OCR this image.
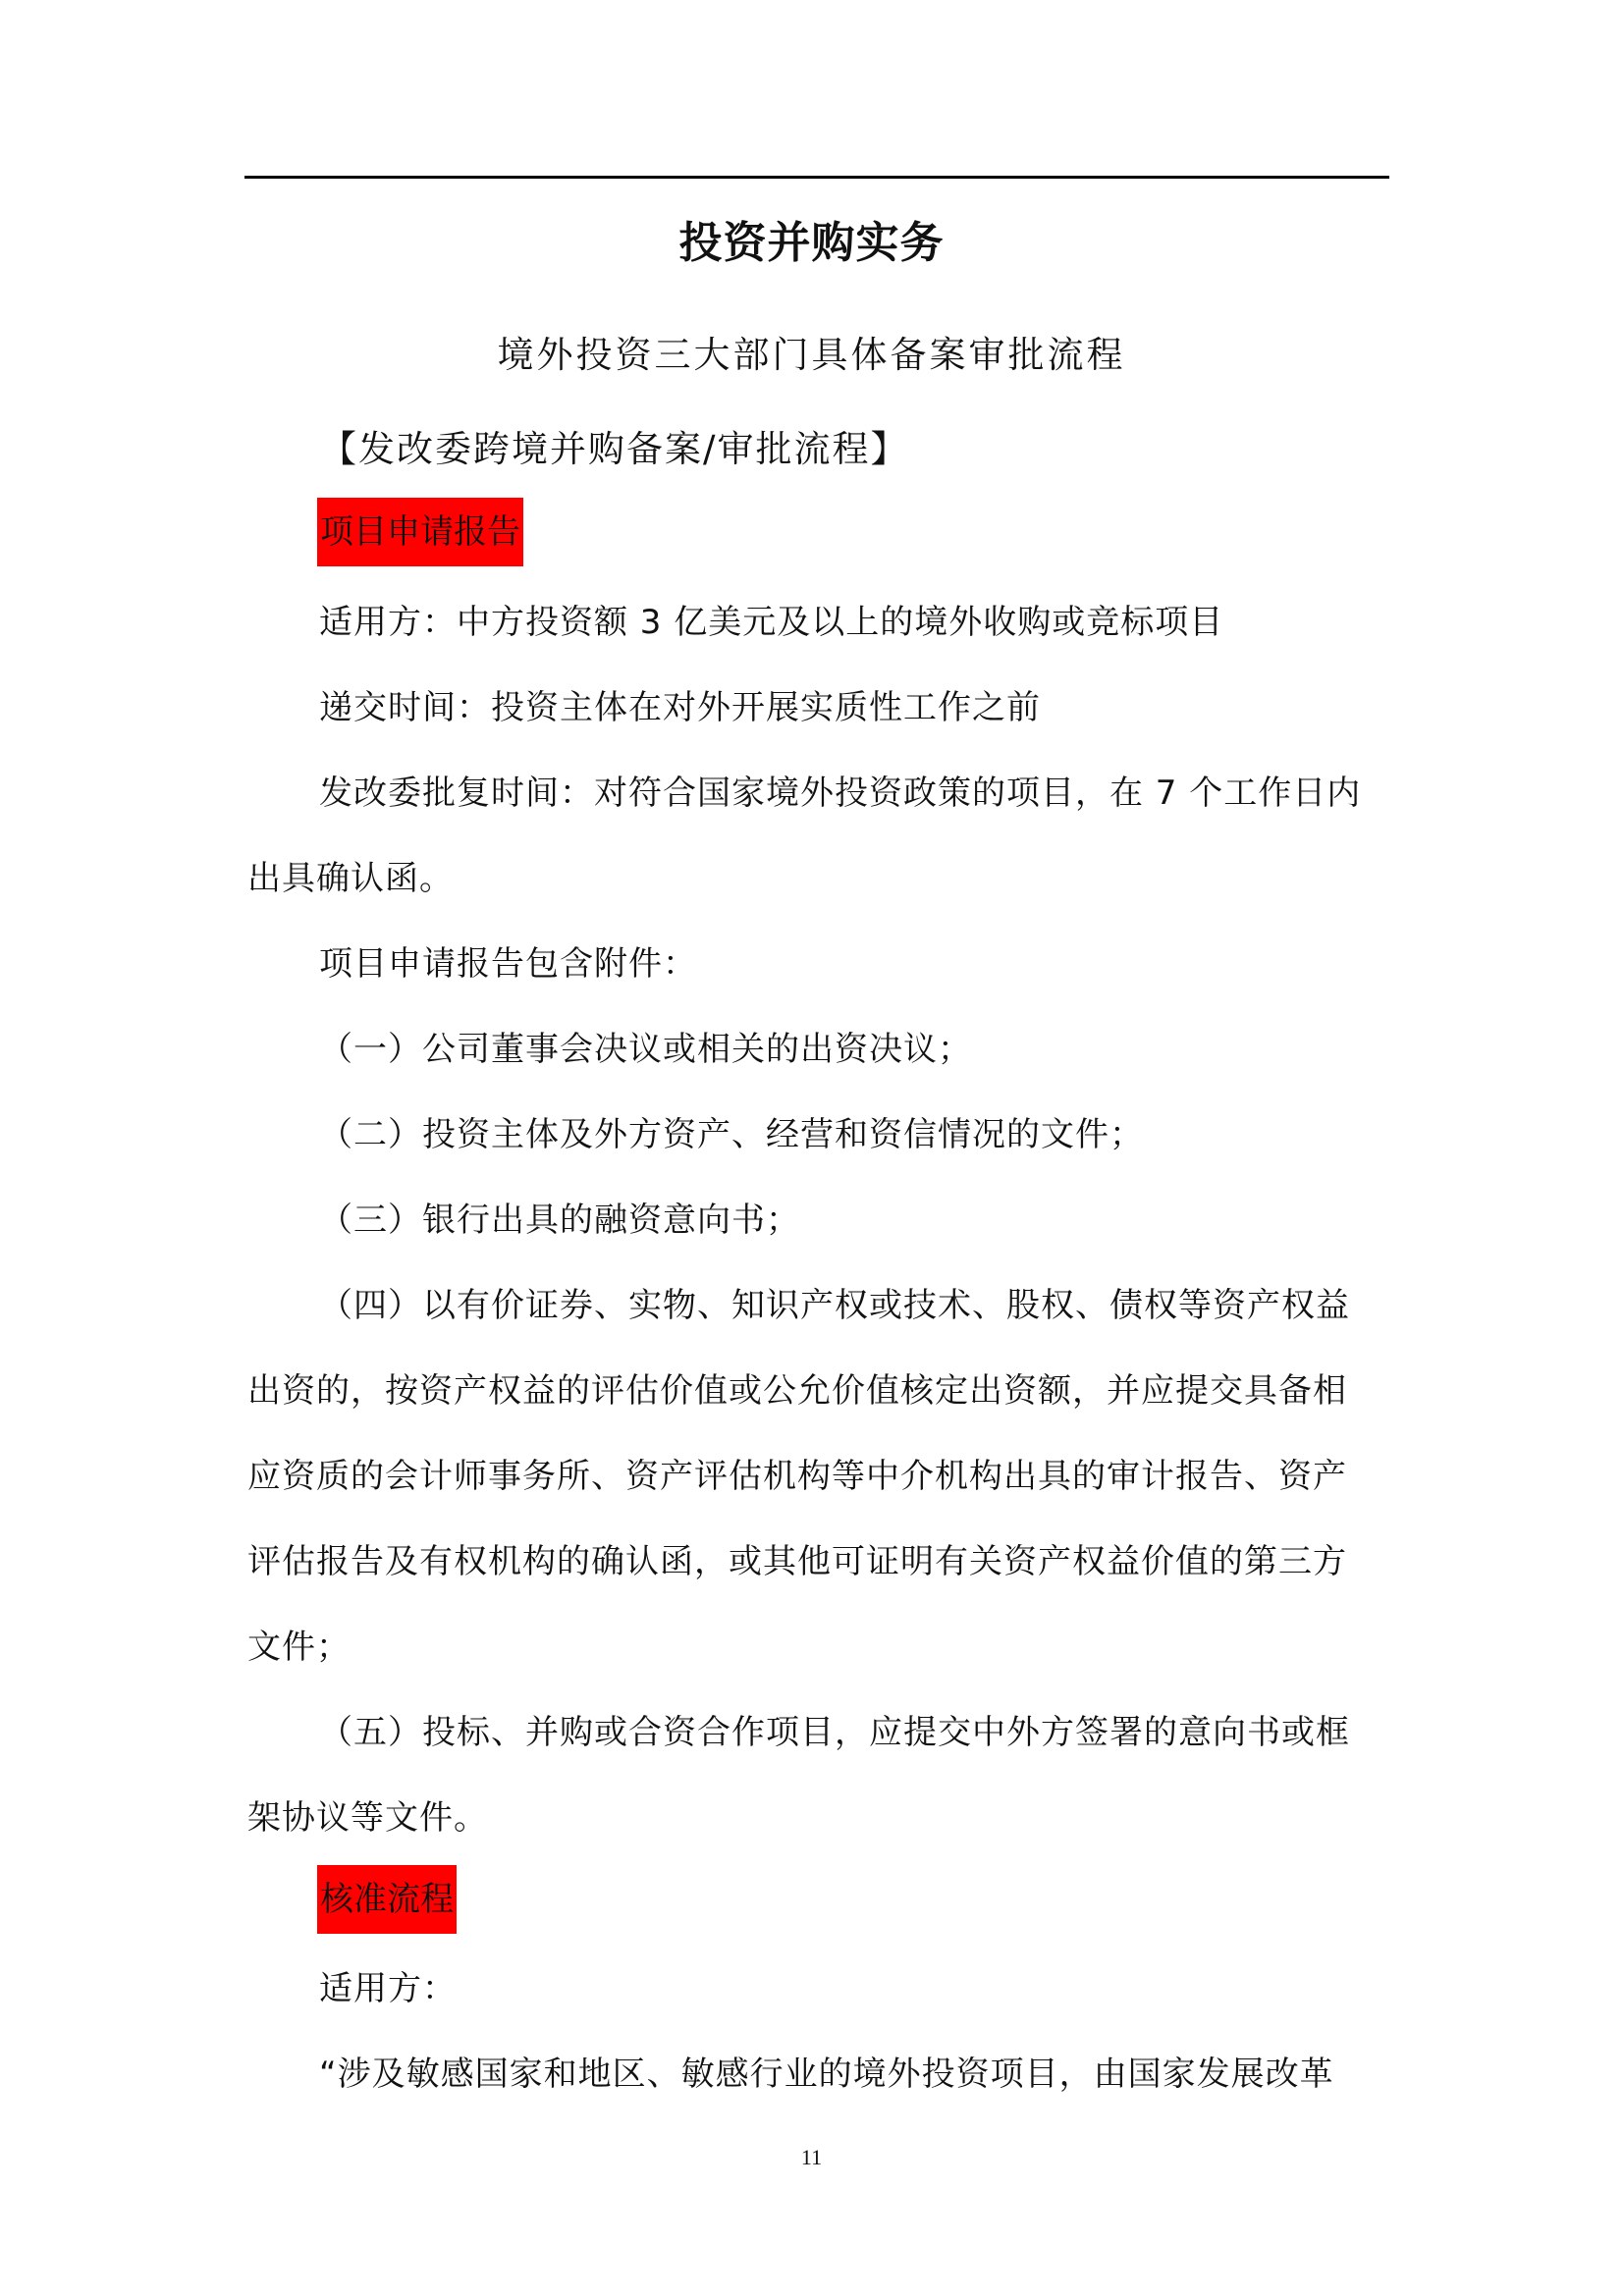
投资并购实务
境外投资三大部门具体备案审批流程
【发改委跨境并购备案/审批流程】
项目申请报告
适用方：中方投资额 3 亿美元及以上的境外收购或竞标项目
递交时间：投资主体在对外开展实质性工作之前
发改委批复时间：对符合国家境外投资政策的项目，在 7 个工作日内
出具确认函。
项目申请报告包含附件：
（一）公司董事会决议或相关的出资决议；
（二）投资主体及外方资产、经营和资信情况的文件；
（三）银行出具的融资意向书；
（四）以有价证券、实物、知识产权或技术、股权、债权等资产权益
出资的，按资产权益的评估价值或公允价值核定出资额，并应提交具备相
应资质的会计师事务所、资产评估机构等中介机构出具的审计报告、资产
评估报告及有权机构的确认函，或其他可证明有关资产权益价值的第三方
文件；
（五）投标、并购或合资合作项目，应提交中外方签署的意向书或框
架协议等文件。
核准流程
适用方：
“涉及敏感国家和地区、敏感行业的境外投资项目，由国家发展改革
11
